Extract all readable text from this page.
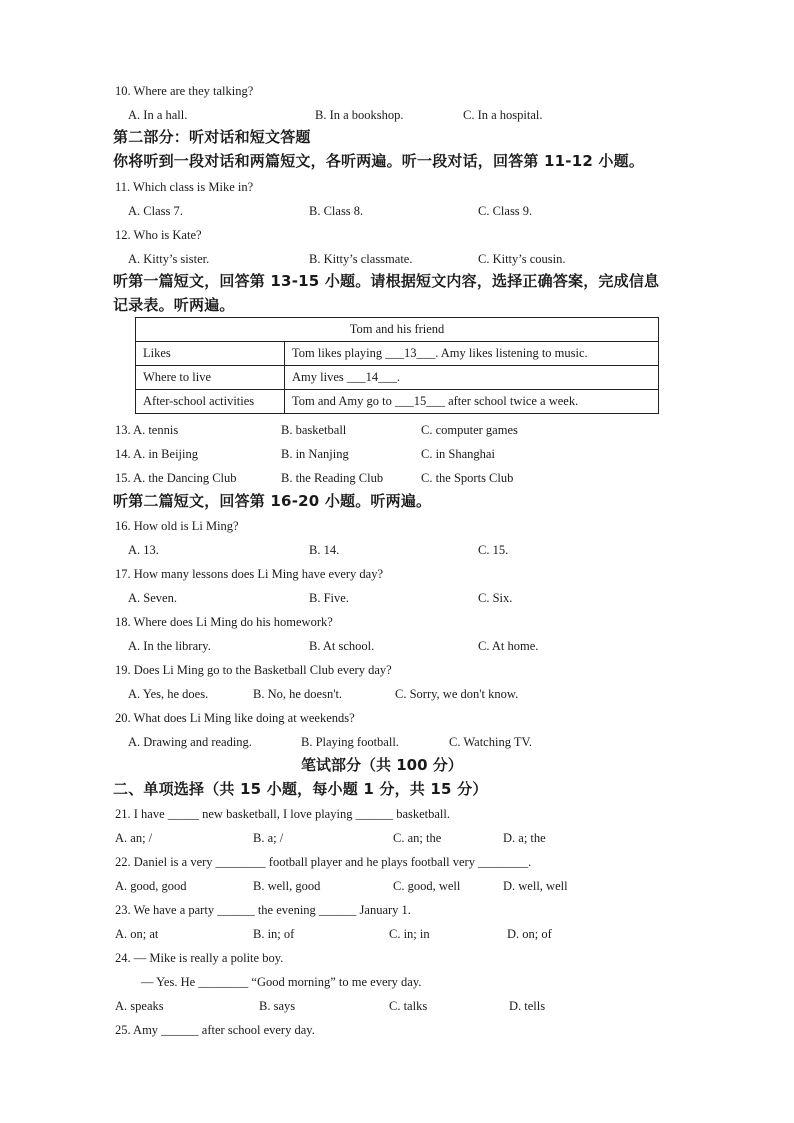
10. Where are they talking?
A. In a hall.	B. In a bookshop.	C. In a hospital.
第二部分：听对话和短文答题
你将听到一段对话和两篇短文，各听两遍。听一段对话，回答第 11-12 小题。
11. Which class is Mike in?
A. Class 7.	B. Class 8.	C. Class 9.
12. Who is Kate?
A. Kitty’s sister.	B. Kitty’s classmate.	C. Kitty’s cousin.
听第一篇短文，回答第 13-15 小题。请根据短文内容，选择正确答案，完成信息
记录表。听两遍。
Tom and his friend	
Likes	Tom likes playing ___13___. Amy likes listening to music.
Where to live	Amy lives ___14___.
After-school activities	Tom and Amy go to ___15___ after school twice a week.
13. A. tennis	B. basketball	C. computer games
14. A. in Beijing	B. in Nanjing	C. in Shanghai
15. A. the Dancing Club	B. the Reading Club	C. the Sports Club
听第二篇短文，回答第 16-20 小题。听两遍。
16. How old is Li Ming?
A. 13.	B. 14.	C. 15.
17. How many lessons does Li Ming have every day?
A. Seven.	B. Five.	C. Six.
18. Where does Li Ming do his homework?
A. In the library.	B. At school.	C. At home.
19. Does Li Ming go to the Basketball Club every day?
A. Yes, he does.	B. No, he doesn't.	C. Sorry, we don't know.
20. What does Li Ming like doing at weekends?
A. Drawing and reading.	B. Playing football.	C. Watching TV.
笔试部分（共 100 分）
二、单项选择（共 15 小题，每小题 1 分，共 15 分）
21. I have _____ new basketball, I love playing ______ basketball.
A. an; /	B. a; /	C. an; the	D. a; the
22. Daniel is a very ________ football player and he plays football very ________.
A. good, good	B. well, good	C. good, well	D. well, well
23. We have a party ______ the evening ______ January 1.
A. on; at	B. in; of	C. in; in	D. on; of
24. — Mike is really a polite boy.
— Yes. He ________ “Good morning” to me every day.
A. speaks	B. says	C. talks	D. tells
25. Amy ______ after school every day.
